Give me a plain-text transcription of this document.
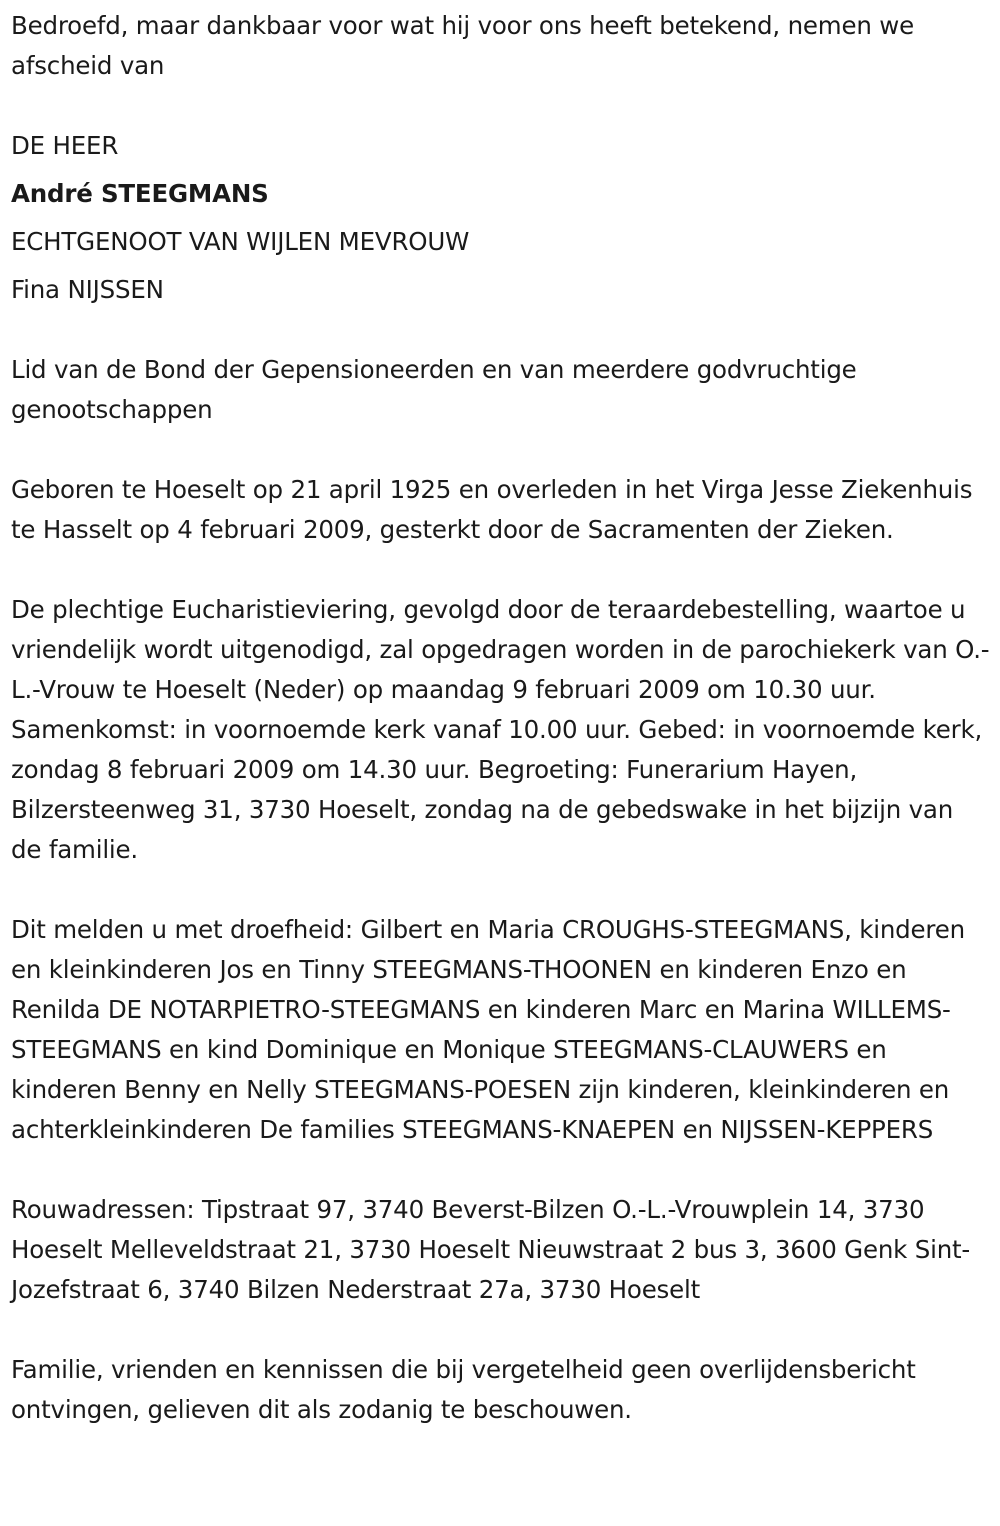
Bedroefd, maar dankbaar voor wat hij voor ons heeft betekend, nemen we afscheid van

DE HEER
André STEEGMANS
ECHTGENOOT VAN WIJLEN MEVROUW
Fina NIJSSEN

Lid van de Bond der Gepensioneerden en van meerdere godvruchtige genootschappen

Geboren te Hoeselt op 21 april 1925 en overleden in het Virga Jesse Ziekenhuis te Hasselt op 4 februari 2009, gesterkt door de Sacramenten der Zieken.

De plechtige Eucharistieviering, gevolgd door de teraardebestelling, waartoe u vriendelijk wordt uitgenodigd, zal opgedragen worden in de parochiekerk van O.-L.-Vrouw te Hoeselt (Neder) op maandag 9 februari 2009 om 10.30 uur. Samenkomst: in voornoemde kerk vanaf 10.00 uur. Gebed: in voornoemde kerk, zondag 8 februari 2009 om 14.30 uur. Begroeting: Funerarium Hayen, Bilzersteenweg 31, 3730 Hoeselt, zondag na de gebedswake in het bijzijn van de familie.

Dit melden u met droefheid: Gilbert en Maria CROUGHS-STEEGMANS, kinderen en kleinkinderen Jos en Tinny STEEGMANS-THOONEN en kinderen Enzo en Renilda DE NOTARPIETRO-STEEGMANS en kinderen Marc en Marina WILLEMS-STEEGMANS en kind Dominique en Monique STEEGMANS-CLAUWERS en kinderen Benny en Nelly STEEGMANS-POESEN zijn kinderen, kleinkinderen en achterkleinkinderen De families STEEGMANS-KNAEPEN en NIJSSEN-KEPPERS

Rouwadressen: Tipstraat 97, 3740 Beverst-Bilzen O.-L.-Vrouwplein 14, 3730 Hoeselt Melleveldstraat 21, 3730 Hoeselt Nieuwstraat 2 bus 3, 3600 Genk Sint-Jozefstraat 6, 3740 Bilzen Nederstraat 27a, 3730 Hoeselt

Familie, vrienden en kennissen die bij vergetelheid geen overlijdensbericht ontvingen, gelieven dit als zodanig te beschouwen.
